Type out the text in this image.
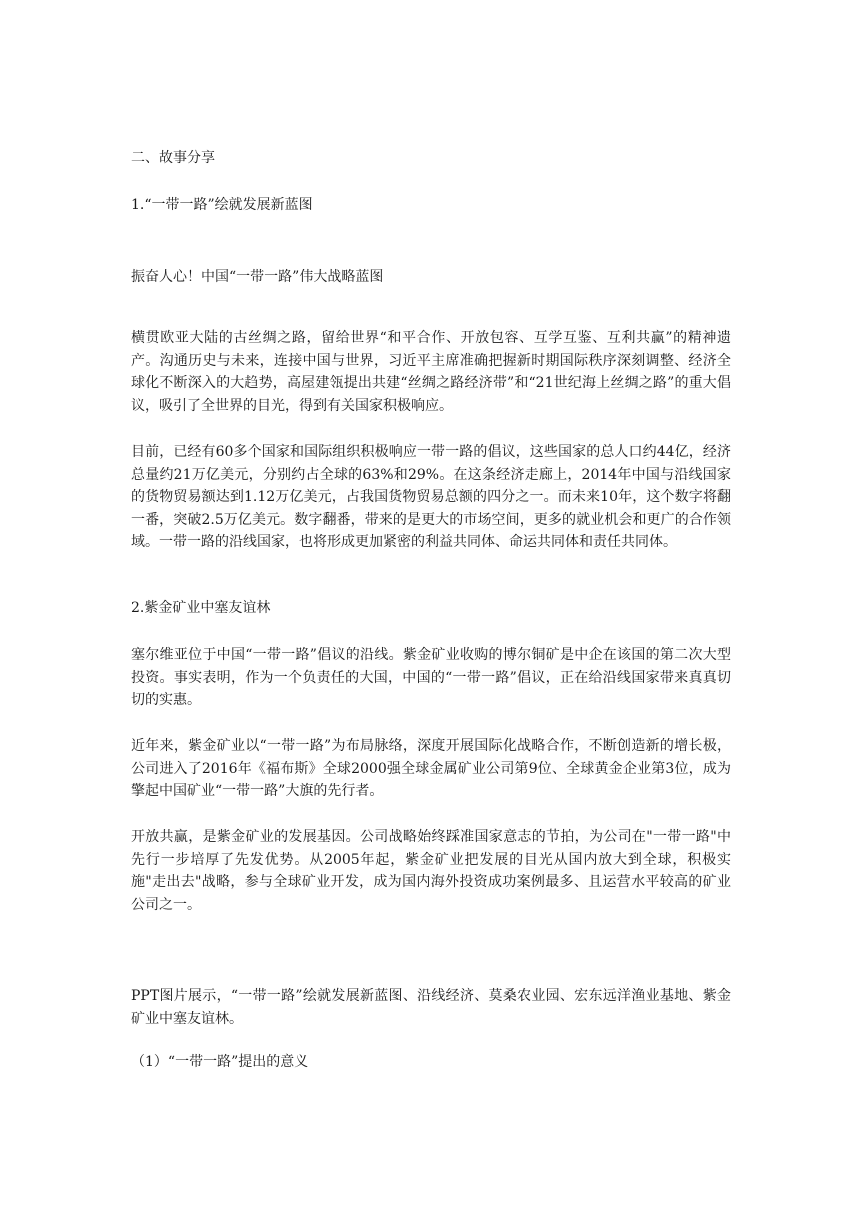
二、故事分享
1.“一带一路”绘就发展新蓝图
振奋人心！中国“一带一路”伟大战略蓝图
横贯欧亚大陆的古丝绸之路，留给世界“和平合作、开放包容、互学互鉴、互利共赢”的精神遗产。沟通历史与未来，连接中国与世界，习近平主席准确把握新时期国际秩序深刻调整、经济全球化不断深入的大趋势，高屋建瓴提出共建“丝绸之路经济带”和“21世纪海上丝绸之路”的重大倡议，吸引了全世界的目光，得到有关国家积极响应。
目前，已经有60多个国家和国际组织积极响应一带一路的倡议，这些国家的总人口约44亿，经济总量约21万亿美元，分别约占全球的63%和29%。在这条经济走廊上，2014年中国与沿线国家的货物贸易额达到1.12万亿美元，占我国货物贸易总额的四分之一。而未来10年，这个数字将翻一番，突破2.5万亿美元。数字翻番，带来的是更大的市场空间，更多的就业机会和更广的合作领域。一带一路的沿线国家，也将形成更加紧密的利益共同体、命运共同体和责任共同体。
2.紫金矿业中塞友谊林
塞尔维亚位于中国“一带一路”倡议的沿线。紫金矿业收购的博尔铜矿是中企在该国的第二次大型投资。事实表明，作为一个负责任的大国，中国的“一带一路”倡议，正在给沿线国家带来真真切切的实惠。
近年来，紫金矿业以“一带一路”为布局脉络，深度开展国际化战略合作，不断创造新的增长极，公司进入了2016年《福布斯》全球2000强全球金属矿业公司第9位、全球黄金企业第3位，成为擎起中国矿业“一带一路”大旗的先行者。
开放共赢，是紫金矿业的发展基因。公司战略始终踩准国家意志的节拍，为公司在"一带一路"中先行一步培厚了先发优势。从2005年起，紫金矿业把发展的目光从国内放大到全球，积极实施"走出去"战略，参与全球矿业开发，成为国内海外投资成功案例最多、且运营水平较高的矿业公司之一。
PPT图片展示，“一带一路”绘就发展新蓝图、沿线经济、莫桑农业园、宏东远洋渔业基地、紫金矿业中塞友谊林。
（1）“一带一路”提出的意义
